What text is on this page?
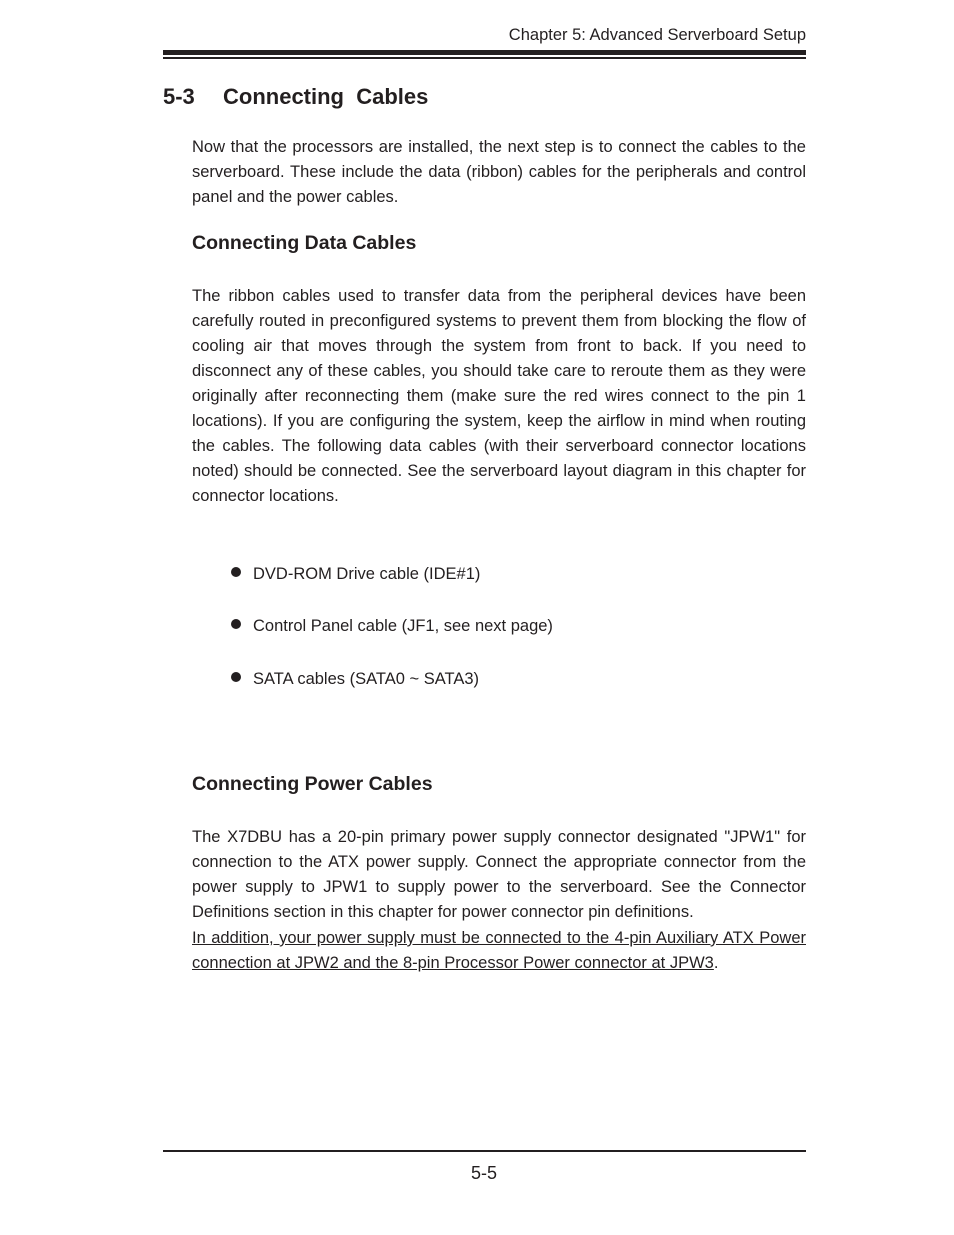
Chapter 5: Advanced Serverboard Setup
5-3 Connecting  Cables

Now that the processors are installed, the next step is to connect the cables to the serverboard. These include the data (ribbon) cables for the peripherals and control panel and the power cables.

Connecting Data Cables

The ribbon cables used to transfer data from the peripheral devices have been carefully routed in preconfigured systems to prevent them from blocking the flow of cooling air that moves through the system from front to back. If you need to disconnect any of these cables, you should take care to reroute them as they were originally after reconnecting them (make sure the red wires connect to the pin 1 locations). If you are configuring the system, keep the airflow in mind when routing the cables. The following data cables (with their serverboard connector locations noted) should be connected. See the serverboard layout diagram in this chapter for connector locations.

DVD-ROM Drive cable (IDE#1)
Control Panel cable (JF1, see next page)
SATA cables (SATA0 ~ SATA3)
Connecting Power Cables

The X7DBU has a 20-pin primary power supply connector designated "JPW1" for connection to the ATX power supply. Connect the appropriate connector from the power supply to JPW1 to supply power to the serverboard. See the Connector Definitions section in this chapter for power connector pin definitions.

In addition, your power supply must be connected to the 4-pin Auxiliary ATX Power connection at JPW2 and the 8-pin Processor Power connector at JPW3.

5-5
